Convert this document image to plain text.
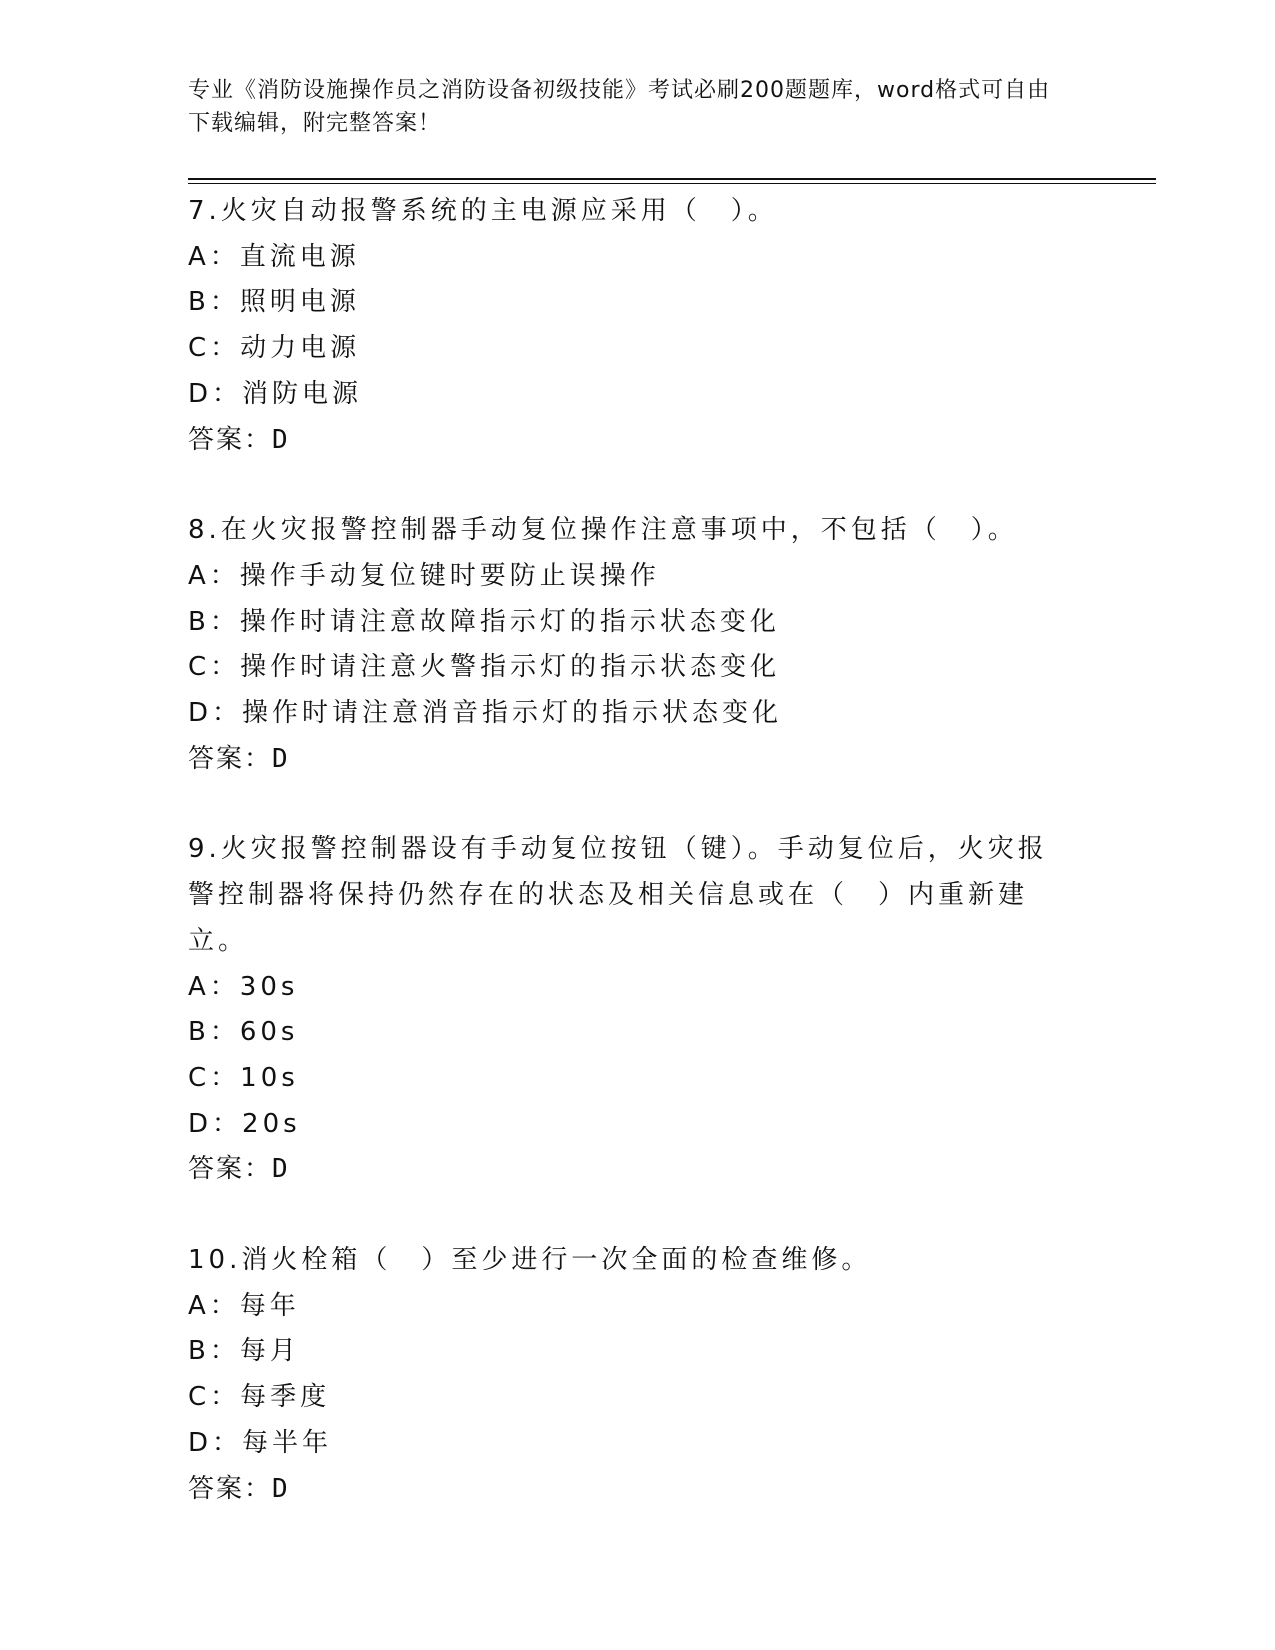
专业《消防设施操作员之消防设备初级技能》考试必刷200题题库，word格式可自由下载编辑，附完整答案！
7.火灾自动报警系统的主电源应采用（　）。
A：直流电源
B：照明电源
C：动力电源
D：消防电源
答案：D
8.在火灾报警控制器手动复位操作注意事项中，不包括（　）。
A：操作手动复位键时要防止误操作
B：操作时请注意故障指示灯的指示状态变化
C：操作时请注意火警指示灯的指示状态变化
D：操作时请注意消音指示灯的指示状态变化
答案：D
9.火灾报警控制器设有手动复位按钮（键）。手动复位后，火灾报警控制器将保持仍然存在的状态及相关信息或在（　）内重新建立。
A：30s
B：60s
C：10s
D：20s
答案：D
10.消火栓箱（　）至少进行一次全面的检查维修。
A：每年
B：每月
C：每季度
D：每半年
答案：D
